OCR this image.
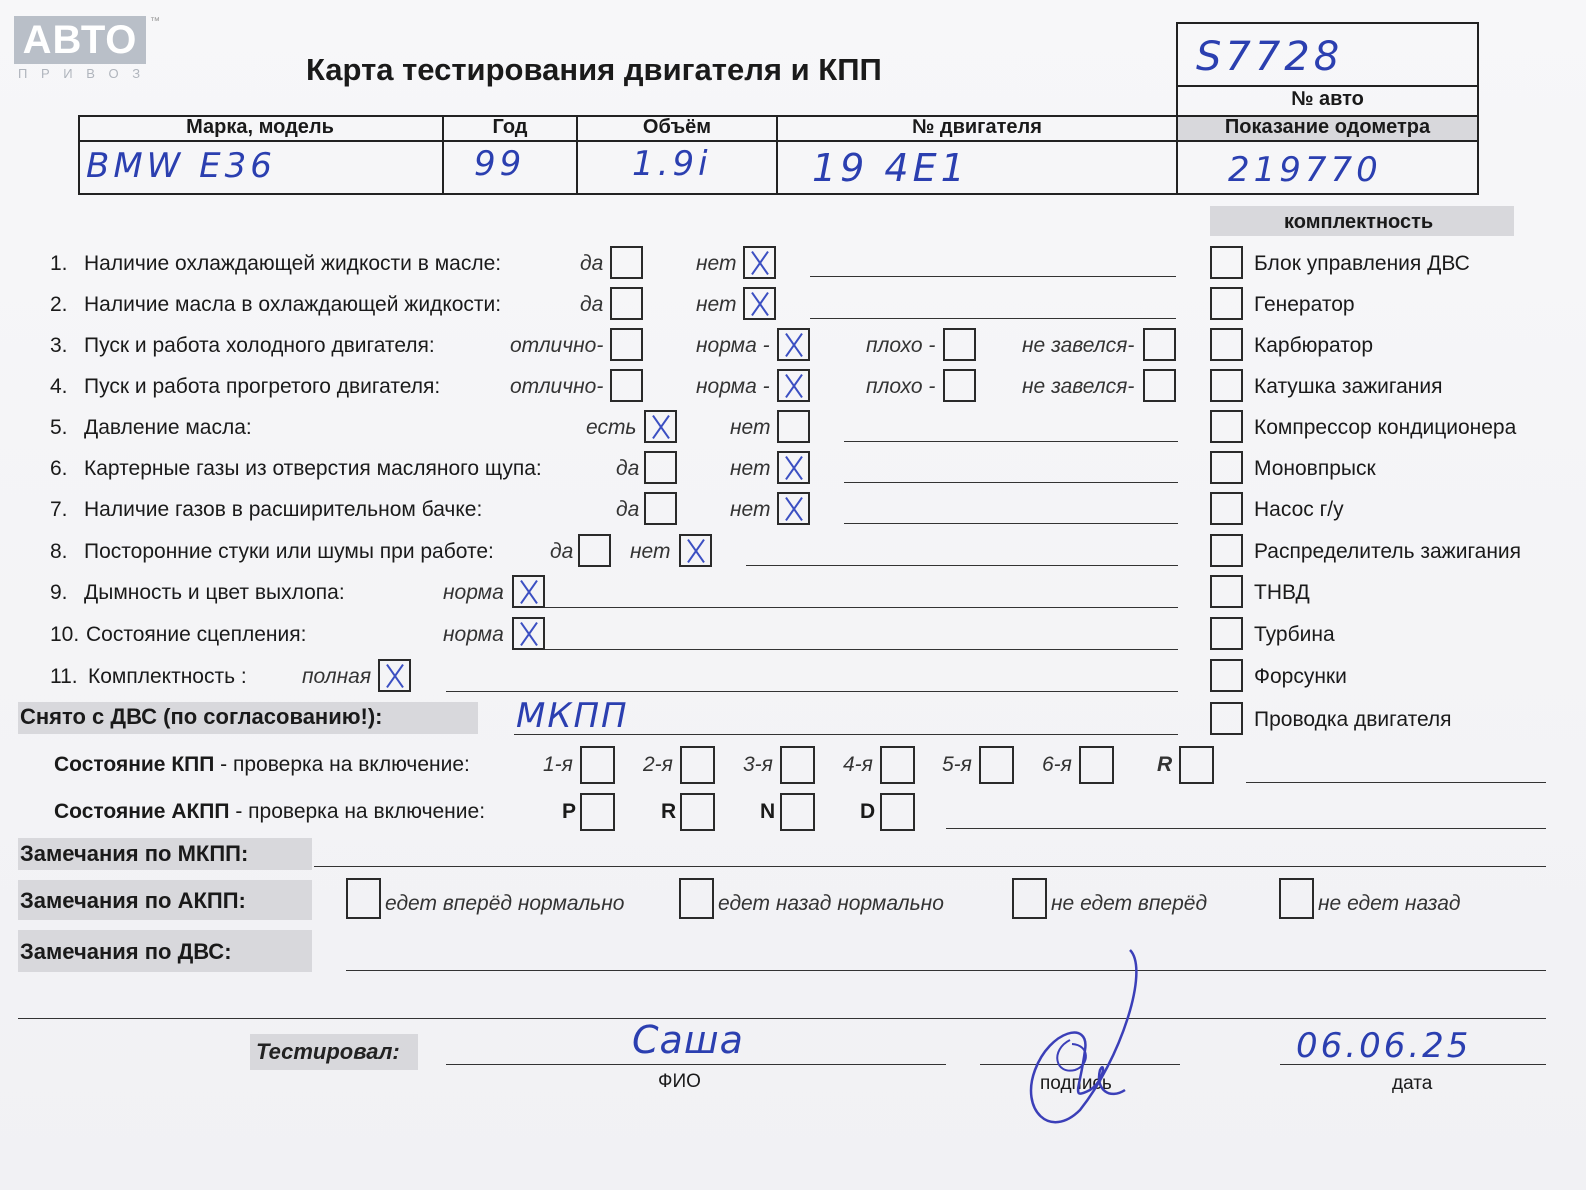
АВТО	™
П Р И В О З	Карта тестирования двигателя и КПП	S7728
№ авто
Марка, модель	Год	Объём	№ двигателя	Показание одометра
BMW E36	99	1.9i	19 4E1	219770
комплектность
1. Наличие охлаждающей жидкости в масле:	да	нет
2. Наличие масла в охлаждающей жидкости:	да	нет
3. Пуск и работа холодного двигателя:	отлично-	норма -	плохо -	не завелся-
4. Пуск и работа прогретого двигателя:	отлично-	норма -	плохо -	не завелся-
5. Давление масла:	есть	нет
6. Картерные газы из отверстия масляного щупа:	да	нет
7. Наличие газов в расширительном бачке:	да	нет
8. Посторонние стуки или шумы при работе:	да	нет
9. Дымность и цвет выхлопа:	норма
10. Состояние сцепления:	норма
11. Комплектность :	полная
Блок управления ДВС
Генератор
Карбюратор
Катушка зажигания
Компрессор кондиционера
Моновпрыск
Насос г/у
Распределитель зажигания
ТНВД
Турбина
Форсунки
Проводка двигателя
Снято с ДВС (по согласованию!):	МКПП
Состояние КПП - проверка на включение:	1-я	2-я	3-я	4-я	5-я	6-я	R
Состояние АКПП - проверка на включение:	P	R	N	D
Замечания по МКПП:
Замечания по АКПП:	едет вперёд нормально	едет назад нормально	не едет вперёд	не едет назад
Замечания по ДВС:
Тестировал:	Саша
ФИО	подпись
06.06.25
дата
